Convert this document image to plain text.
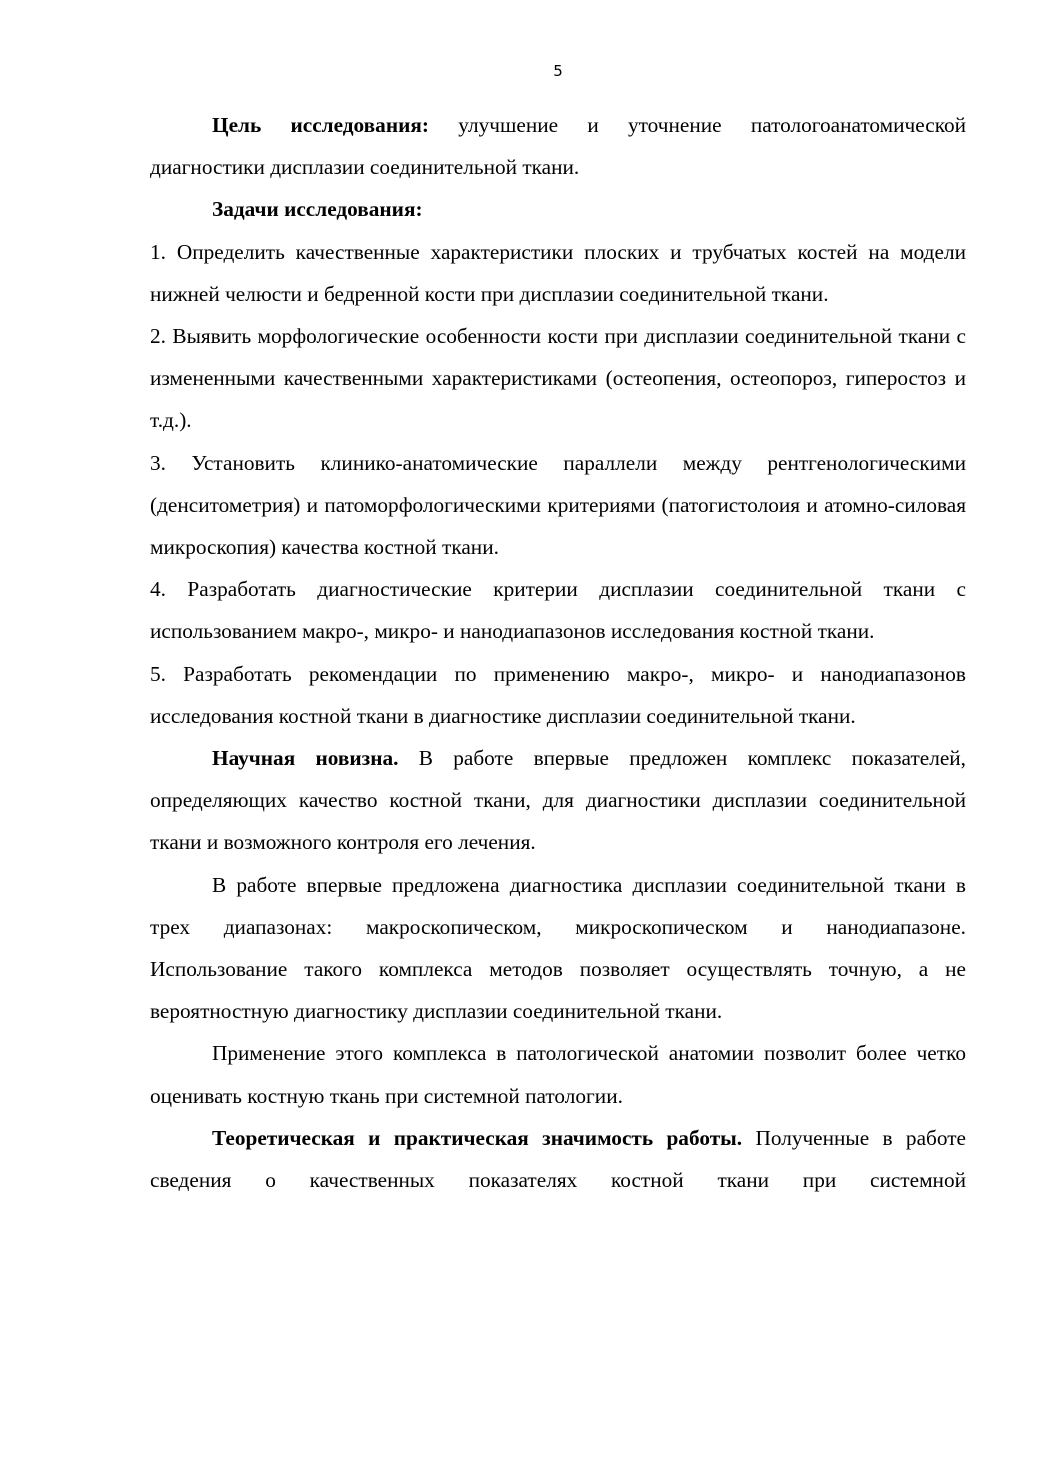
5

Цель исследования: улучшение и уточнение патологоанатомической диагностики дисплазии соединительной ткани.

Задачи исследования:

1. Определить качественные характеристики плоских и трубчатых костей на модели нижней челюсти и бедренной кости при дисплазии соединительной ткани.

2. Выявить морфологические особенности кости при дисплазии соединительной ткани с измененными качественными характеристиками (остеопения, остеопороз, гиперостоз и т.д.).

3. Установить клинико-анатомические параллели между рентгенологическими (денситометрия) и патоморфологическими критериями (патогистолоия и атомно-силовая микроскопия) качества костной ткани.

4. Разработать диагностические критерии дисплазии соединительной ткани с использованием макро-, микро- и нанодиапазонов исследования костной ткани.

5. Разработать рекомендации по применению макро-, микро- и нанодиапазонов исследования костной ткани в диагностике дисплазии соединительной ткани.

Научная новизна. В работе впервые предложен комплекс показателей, определяющих качество костной ткани, для диагностики дисплазии соединительной ткани и возможного контроля его лечения.

В работе впервые предложена диагностика дисплазии соединительной ткани в трех диапазонах: макроскопическом, микроскопическом и нанодиапазоне. Использование такого комплекса методов позволяет осуществлять точную, а не вероятностную диагностику дисплазии соединительной ткани.

Применение этого комплекса в патологической анатомии позволит более четко оценивать костную ткань при системной патологии.

Теоретическая и практическая значимость работы. Полученные в работе сведения о качественных показателях костной ткани при системной
